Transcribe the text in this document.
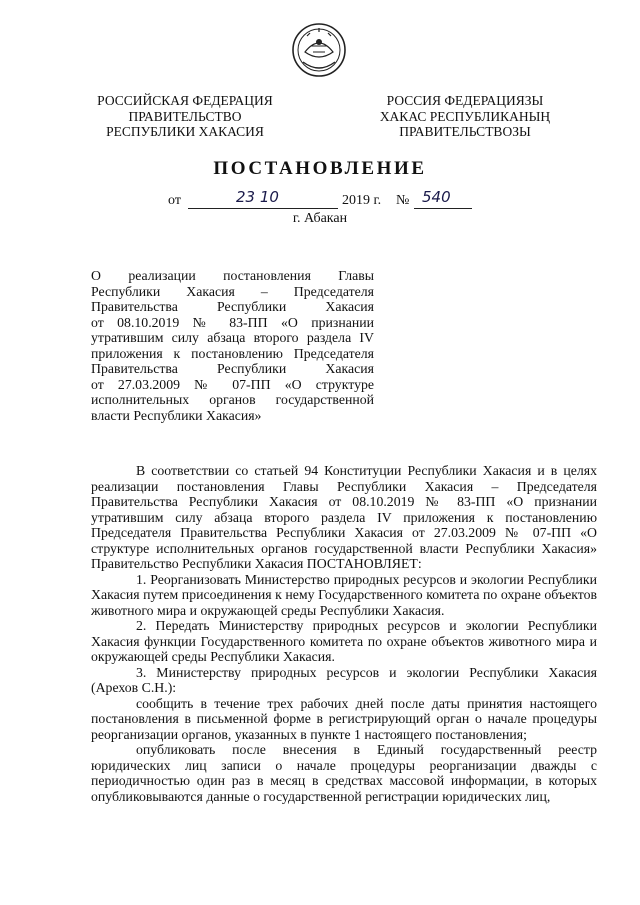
РОССИЙСКАЯ ФЕДЕРАЦИЯ
ПРАВИТЕЛЬСТВО
РЕСПУБЛИКИ ХАКАСИЯ
РОССИЯ ФЕДЕРАЦИЯЗЫ
ХАКАС РЕСПУБЛИКАНЫҢ
ПРАВИТЕЛЬСТВОЗЫ
ПОСТАНОВЛЕНИЕ
от	23 10	2019 г. № 540
г. Абакан
О реализации постановления Главы
Республики Хакасия – Председателя
Правительства Республики Хакасия
от 08.10.2019 № 83-ПП «О признании
утратившим силу абзаца второго раздела IV
приложения к постановлению Председателя
Правительства Республики Хакасия
от 27.03.2009 № 07-ПП «О структуре
исполнительных органов государственной
власти Республики Хакасия»

В соответствии со статьей 94 Конституции Республики Хакасия и в целях реализации постановления Главы Республики Хакасия – Председателя Правительства Республики Хакасия от 08.10.2019 № 83-ПП «О признании утратившим силу абзаца второго раздела IV приложения к постановлению Председателя Правительства Республики Хакасия от 27.03.2009 № 07-ПП «О структуре исполнительных органов государственной власти Республики Хакасия» Правительство Республики Хакасия ПОСТАНОВЛЯЕТ:

1. Реорганизовать Министерство природных ресурсов и экологии Республики Хакасия путем присоединения к нему Государственного комитета по охране объектов животного мира и окружающей среды Республики Хакасия.

2. Передать Министерству природных ресурсов и экологии Республики Хакасия функции Государственного комитета по охране объектов животного мира и окружающей среды Республики Хакасия.

3. Министерству природных ресурсов и экологии Республики Хакасия (Арехов С.Н.):

сообщить в течение трех рабочих дней после даты принятия настоящего постановления в письменной форме в регистрирующий орган о начале процедуры реорганизации органов, указанных в пункте 1 настоящего постановления;

опубликовать после внесения в Единый государственный реестр юридических лиц записи о начале процедуры реорганизации дважды с периодичностью один раз в месяц в средствах массовой информации, в которых опубликовываются данные о государственной регистрации юридических лиц,
